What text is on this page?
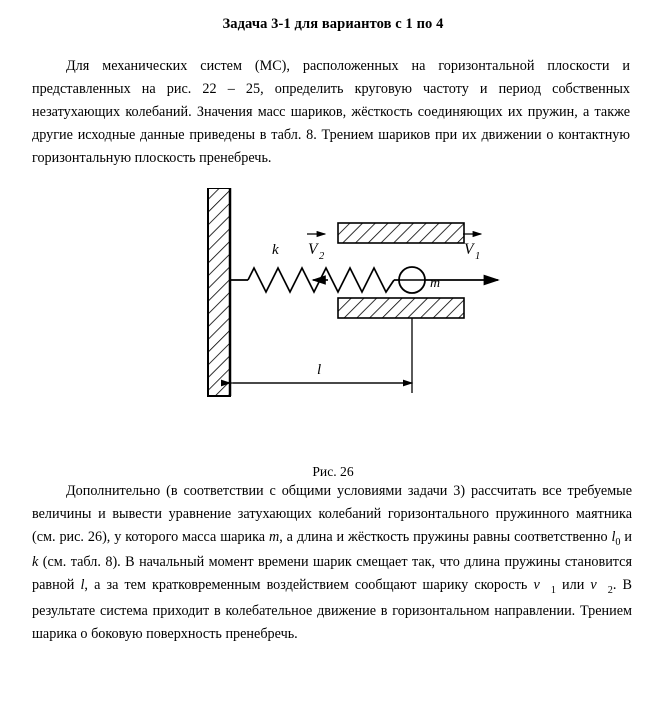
Задача 3-1 для вариантов с 1 по 4

Для механических систем (МС), расположенных на горизонтальной плоскости и представленных на рис. 22 – 25, определить круговую частоту и период собственных незатухающих колебаний. Значения масс шариков, жёсткость соединяющих их пружин, а также другие исходные данные приведены в табл. 8. Трением шариков при их движении о контактную горизонтальную плоскость пренебречь.

k V 2	V 1
m
l
Рис. 26

Дополнительно (в соответствии с общими условиями задачи 3) рассчитать все требуемые величины и вывести уравнение затухающих колебаний горизонтального пружинного маятника (см. рис. 26), у которого масса шарика m, а длина и жёсткость пружины равны соответственно $l_0$ и k (см. табл. 8). В начальный момент времени шарик смещает так, что длина пружины становится равной l, а за тем кратковременным воздействием сообщают шарику скорость $v_1$ или $v_2$. В результате система приходит в колебательное движение в горизонтальном направлении. Трением шарика о боковую поверхность пренебречь.
